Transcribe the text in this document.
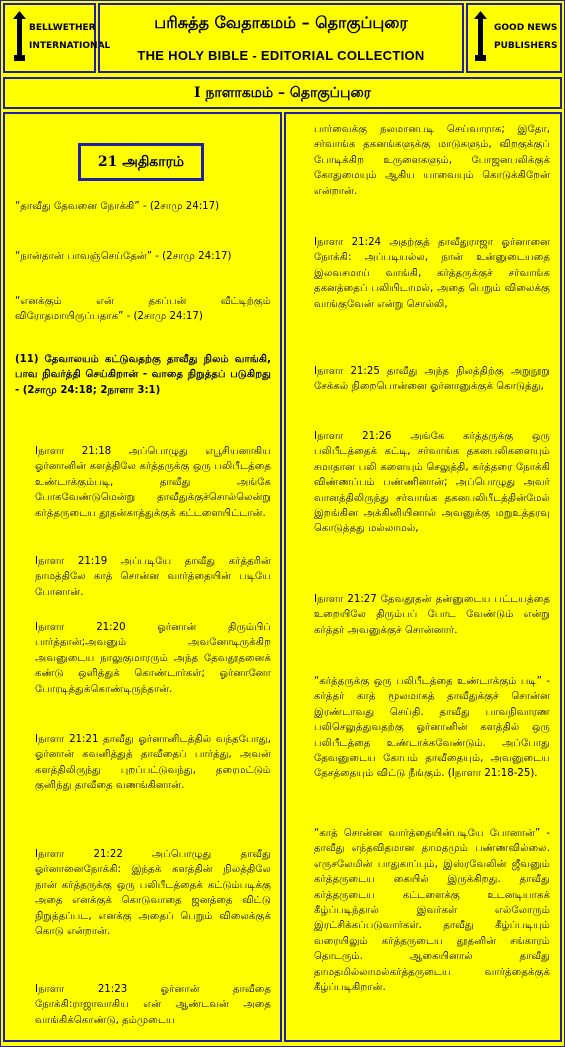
BELLWETHER
INTERNATIONAL
பரிசுத்த வேதாகமம் – தொகுப்புரை
THE HOLY BIBLE - EDITORIAL COLLECTION
GOOD NEWS
PUBLISHERS
I நாளாகமம் – தொகுப்புரை
21 அதிகாரம்

“தாவீது தேவனை நோக்கி” - (2சாமு 24:17)

“நான்தான் பாவஞ்செய்தேன்” - (2சாமு 24:17)

“எனக்கும் என் தகப்பன் வீட்டிற்கும் விரோதமாயிருப்பதாக” - (2சாமு 24:17)

(11) தேவாலயம் கட்டுவதற்கு தாவீது நிலம் வாங்கி, பாவ நிவர்த்தி செய்கிறான் - வாதை நிறுத்தப் படுகிறது - (2சாமு 24:18; 2நாளா 3:1)

Iநாளா 21:18 அப்பொழுது எபூசியனாகிய ஓர்னானின் களத்திலே கர்த்தருக்கு ஒரு பலிபீடத்தை உண்டாக்கும்படி, தாவீது அங்கே போகவேண்டுமென்று தாவீதுக்குச்சொல்லென்று கர்த்தருடைய தூதன்காத்துக்குக் கட்டளையிட்டான்.

Iநாளா 21:19 அப்படியே தாவீது கர்த்தரின் நாமத்திலே காத் சொன்ன வார்த்தையின் படியே போனான்.

Iநாளா 21:20 ஓர்னான் திரும்பிப் பார்த்தான்;அவனும் அவனோடிருக்கிற அவனுடைய நாலுகுமாரரும் அந்த தேவதூதனைக் கண்டு ஒளித்துக் கொண்டார்கள்; ஓர்னானோ போரடித்துக்கொண்டிருந்தான்.

Iநாளா 21:21 தாவீது ஓர்னானிடத்தில் வந்தபோது, ஓர்னான் கவனித்துத் தாவீதைப் பார்த்து, அவன் களத்திலிருந்து புறப்பட்டுவந்து, தரைமட்டும் குனிந்து தாவீதை வணங்கினான்.

Iநாளா 21:22 அப்பொழுது தாவீது ஓர்னானைநோக்கி: இந்தக் களத்தின் நிலத்திலே நான் கர்த்தருக்கு ஒரு பலிபீடத்தைக் கட்டும்படிக்கு அதை எனக்குக் கொடுவாதை ஜனத்தை விட்டு நிறுத்தப்பட, எனக்கு அதைப் பெறும் விலைக்குக் கொடு என்றான்.

Iநாளா 21:23 ஓர்னான் தாவீதை நோக்கி:ராஜாவாகிய என் ஆண்டவன் அதை வாங்கிக்கொண்டு, தம்முடைய

பார்வைக்கு நலமானபடி செய்வாராக; இதோ, சர்வாங்க தகனங்களுக்கு மாடுகளும், விறகுக்குப் போடிக்கிற உருளைகளும், போஜனபலிக்குக் கோதுமையும் ஆகிய யாவையும் கொடுக்கிறேன் என்றான்.

Iநாளா 21:24 அதற்குத் தாவீதுராஜா ஓர்னானை நோக்கி: அப்படியல்ல, நான் உன்னுடையதை இலவசமாய் வாங்கி, கர்த்தருக்குச் சர்வாங்க தகனத்தைப் பலியிடாமல், அதை பெறும் விலைக்கு வாங்குவேன் என்று சொல்லி,

Iநாளா 21:25 தாவீது அந்த நிலத்திற்கு அறுநூறு சேக்கல் நிறைபொன்னை ஓர்னானுக்குக் கொடுத்து,

Iநாளா 21:26 அங்கே கர்த்தருக்கு ஒரு பலிபீடத்தைக் கட்டி, சர்வாங்க தகனபலிகளையும் சமாதான பலி களையும் செலுத்தி, கர்த்தரை நோக்கி விண்ணப்பம் பண்ணினான்; அப்பொழுது அவர் வானத்திலிருந்து சர்வாங்க தகனபலிபீடத்தின்மேல் இறங்கின அக்கினியினால் அவனுக்கு மறுஉத்தரவு கொடுத்தது மல்லாமல்,

Iநாளா 21:27 தேவதூதன் தன்னுடைய பட்டயத்தை உறையிலே திரும்பப் போட வேண்டும் என்று கர்த்தர் அவனுக்குச் சொன்னார்.

“கர்த்தருக்கு ஒரு பலிபீடத்தை உண்டாக்கும் படி” - கர்த்தர் காத் மூலமாகத் தாவீதுக்குச் சொன்ன இரண்டாவது செய்தி. தாவீது பாவநிவாரண பலிசெலுத்துவதற்கு ஓர்னானின் களத்தில் ஒரு பலிபீடத்தை உண்டாக்கவேண்டும். அப்போது தேவனுடைய கோபம் தாவீதையும், அவனுடைய தேசத்தையும் விட்டு நீங்கும். (Iநாளா 21:18-25).

“காத் சொன்ன வார்த்தையின்படியே போனான்” - தாவீது எந்தவிதமான தாமதமும் பண்ணவில்லை. எருசலேமின் பாதுகாப்பும், இஸ்ரவேலின் ஜீவனும் கர்த்தருடைய கையில் இருக்கிறது. தாவீது கர்த்தருடைய கட்டளைக்கு உடனடியாகக் கீழ்ப்படிந்தால் இவர்கள் எல்லோரும் இரட்சிக்கப்படுவார்கள். தாவீது கீழ்ப்படியும் வரையிலும் கர்த்தருடைய தூதனின் சங்காரம் தொடரும். ஆகையினால் தாவீது தாமதமில்லாமல்கர்த்தருடைய வார்த்தைக்குக் கீழ்ப்படிகிறான்.
